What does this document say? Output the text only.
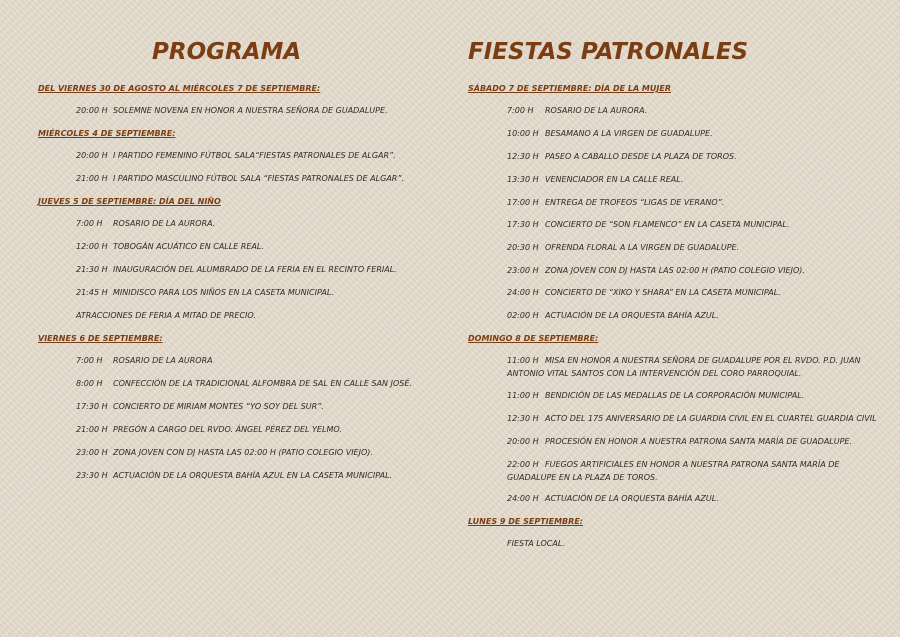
PROGRAMA
DEL VIERNES 30 DE AGOSTO AL MIÉRCOLES 7 DE SEPTIEMBRE:
20:00 H SOLEMNE NOVENA EN HONOR A NUESTRA SEÑORA DE GUADALUPE.
MIÉRCOLES 4 DE SEPTIEMBRE:
20:00 H I PARTIDO FEMENINO FÚTBOL SALA“FIESTAS PATRONALES DE ALGAR”.
21:00 H I PARTIDO MASCULINO FÚTBOL SALA “FIESTAS PATRONALES DE ALGAR”.
JUEVES 5 DE SEPTIEMBRE: DÍA DEL NIÑO
7:00 H ROSARIO DE LA AURORA.
12:00 H TOBOGÁN ACUÁTICO EN CALLE REAL.
21:30 H INAUGURACIÓN DEL ALUMBRADO DE LA FERIA EN EL RECINTO FERIAL.
21:45 H MINIDISCO PARA LOS NIÑOS EN LA CASETA MUNICIPAL.
ATRACCIONES DE FERIA A MITAD DE PRECIO.
VIERNES 6 DE SEPTIEMBRE:
7:00 H ROSARIO DE LA AURORA
8:00 H CONFECCIÓN DE LA TRADICIONAL ALFOMBRA DE SAL EN CALLE SAN JOSÉ.
17:30 H CONCIERTO DE MIRIAM MONTES “YO SOY DEL SUR”.
21:00 H PREGÓN A CARGO DEL RVDO. ÁNGEL PÉREZ DEL YELMO.
23:00 H ZONA JOVEN CON DJ HASTA LAS 02:00 H (PATIO COLEGIO VIEJO).
23:30 H ACTUACIÓN DE LA ORQUESTA BAHÍA AZUL EN LA CASETA MUNICIPAL.
FIESTAS PATRONALES
SÁBADO 7 DE SEPTIEMBRE: DÍA DE LA MUJER
7:00 H ROSARIO DE LA AURORA.
10:00 H BESAMANO A LA VIRGEN DE GUADALUPE.
12:30 H PASEO A CABALLO DESDE LA PLAZA DE TOROS.
13:30 H VENENCIADOR EN LA CALLE REAL.
17:00 H ENTREGA DE TROFEOS “LIGAS DE VERANO”.
17:30 H CONCIERTO DE “SON FLAMENCO” EN LA CASETA MUNICIPAL.
20:30 H OFRENDA FLORAL A LA VIRGEN DE GUADALUPE.
23:00 H ZONA JOVEN CON DJ HASTA LAS 02:00 H (PATIO COLEGIO VIEJO).
24:00 H CONCIERTO DE “XIKO Y SHARA” EN LA CASETA MUNICIPAL.
02:00 H ACTUACIÓN DE LA ORQUESTA BAHÍA AZUL.
DOMINGO 8 DE SEPTIEMBRE:
11:00 H MISA EN HONOR A NUESTRA SEÑORA DE GUADALUPE POR EL RVDO. P.D. JUAN ANTONIO VITAL SANTOS CON LA INTERVENCIÓN DEL CORO PARROQUIAL.
11:00 H BENDICIÓN DE LAS MEDALLAS DE LA CORPORACIÓN MUNICIPAL.
12:30 H ACTO DEL 175 ANIVERSARIO DE LA GUARDIA CIVIL EN EL CUARTEL GUARDIA CIVIL
20:00 H PROCESIÓN EN HONOR A NUESTRA PATRONA SANTA MARÍA DE GUADALUPE.
22:00 H FUEGOS ARTIFICIALES EN HONOR A NUESTRA PATRONA SANTA MARÍA DE GUADALUPE EN LA PLAZA DE TOROS.
24:00 H ACTUACIÓN DE LA ORQUESTA BAHÍA AZUL.
LUNES 9 DE SEPTIEMBRE:
FIESTA LOCAL.
